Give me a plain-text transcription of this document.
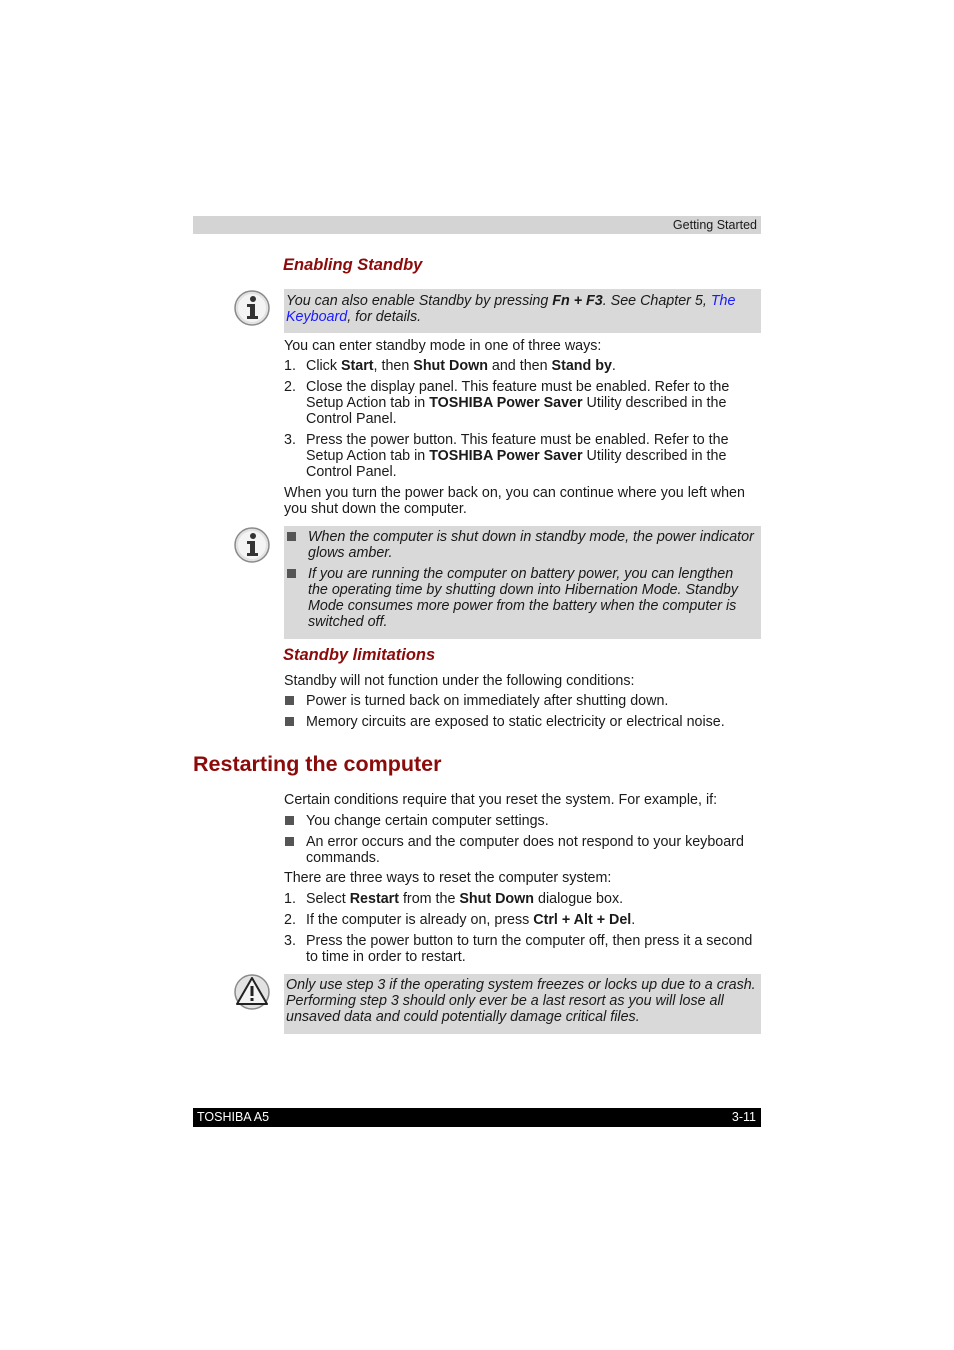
Getting Started
Enabling Standby

You can also enable Standby by pressing Fn + F3. See Chapter 5, The Keyboard, for details.

You can enter standby mode in one of three ways:
1. Click Start, then Shut Down and then Stand by.
2. Close the display panel. This feature must be enabled. Refer to the Setup Action tab in TOSHIBA Power Saver Utility described in the Control Panel.
3. Press the power button. This feature must be enabled. Refer to the Setup Action tab in TOSHIBA Power Saver Utility described in the Control Panel.
When you turn the power back on, you can continue where you left when you shut down the computer.
When the computer is shut down in standby mode, the power indicator glows amber.
If you are running the computer on battery power, you can lengthen the operating time by shutting down into Hibernation Mode. Standby Mode consumes more power from the battery when the computer is switched off.
Standby limitations
Standby will not function under the following conditions:
Power is turned back on immediately after shutting down.
Memory circuits are exposed to static electricity or electrical noise.
Restarting the computer
Certain conditions require that you reset the system. For example, if:
You change certain computer settings.
An error occurs and the computer does not respond to your keyboard commands.
There are three ways to reset the computer system:
1. Select Restart from the Shut Down dialogue box.
2. If the computer is already on, press Ctrl + Alt + Del.
3. Press the power button to turn the computer off, then press it a second to time in order to restart.

Only use step 3 if the operating system freezes or locks up due to a crash. Performing step 3 should only ever be a last resort as you will lose all unsaved data and could potentially damage critical files.

TOSHIBA A5	3-11
